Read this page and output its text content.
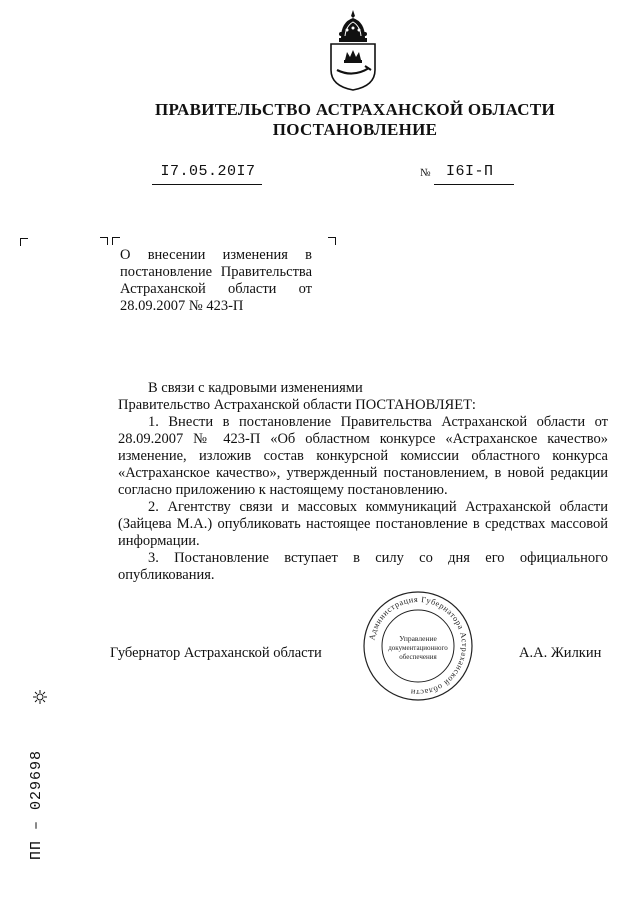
ПРАВИТЕЛЬСТВО АСТРАХАНСКОЙ ОБЛАСТИ
ПОСТАНОВЛЕНИЕ
I7.05.20I7	№ I6I-П
О внесении изменения в постановление Правительства Астраханской области от 28.09.2007 № 423-П

В связи с кадровыми изменениями

Правительство Астраханской области ПОСТАНОВЛЯЕТ:

1. Внести в постановление Правительства Астраханской области от 28.09.2007 № 423-П «Об областном конкурсе «Астраханское качество» изменение, изложив состав конкурсной комиссии областного конкурса «Астраханское качество», утвержденный постановлением, в новой редакции согласно приложению к настоящему постановлению.

2. Агентству связи и массовых коммуникаций Астраханской области (Зайцева М.А.) опубликовать настоящее постановление в средствах массовой информации.

3. Постановление вступает в силу со дня его официального опубликования.

Губернатор Астраханской области	А.А. Жилкин
Администрация Губернатора Астраханской области
Управление
документационного
обеспечения
ПП – 029698
